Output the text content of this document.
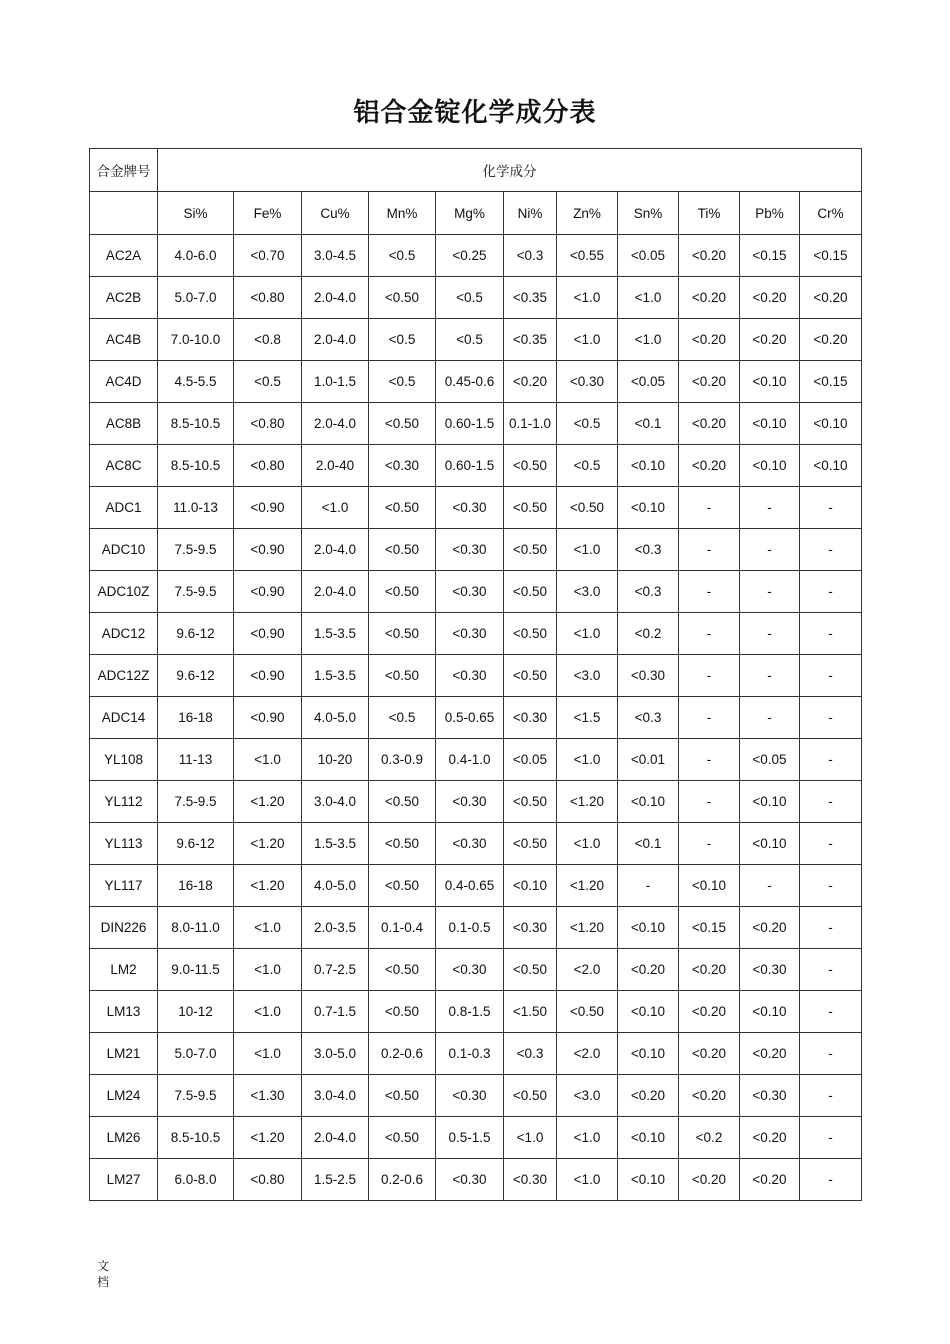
铝合金锭化学成分表
合金牌号	化学成分										
	Si%	Fe%	Cu%	Mn%	Mg%	Ni%	Zn%	Sn%	Ti%	Pb%	Cr%
AC2A	4.0-6.0	<0.70	3.0-4.5	<0.5	<0.25	<0.3	<0.55	<0.05	<0.20	<0.15	<0.15
AC2B	5.0-7.0	<0.80	2.0-4.0	<0.50	<0.5	<0.35	<1.0	<1.0	<0.20	<0.20	<0.20
AC4B	7.0-10.0	<0.8	2.0-4.0	<0.5	<0.5	<0.35	<1.0	<1.0	<0.20	<0.20	<0.20
AC4D	4.5-5.5	<0.5	1.0-1.5	<0.5	0.45-0.6	<0.20	<0.30	<0.05	<0.20	<0.10	<0.15
AC8B	8.5-10.5	<0.80	2.0-4.0	<0.50	0.60-1.5	0.1-1.0	<0.5	<0.1	<0.20	<0.10	<0.10
AC8C	8.5-10.5	<0.80	2.0-40	<0.30	0.60-1.5	<0.50	<0.5	<0.10	<0.20	<0.10	<0.10
ADC1	11.0-13	<0.90	<1.0	<0.50	<0.30	<0.50	<0.50	<0.10	-	-	-
ADC10	7.5-9.5	<0.90	2.0-4.0	<0.50	<0.30	<0.50	<1.0	<0.3	-	-	-
ADC10Z	7.5-9.5	<0.90	2.0-4.0	<0.50	<0.30	<0.50	<3.0	<0.3	-	-	-
ADC12	9.6-12	<0.90	1.5-3.5	<0.50	<0.30	<0.50	<1.0	<0.2	-	-	-
ADC12Z	9.6-12	<0.90	1.5-3.5	<0.50	<0.30	<0.50	<3.0	<0.30	-	-	-
ADC14	16-18	<0.90	4.0-5.0	<0.5	0.5-0.65	<0.30	<1.5	<0.3	-	-	-
YL108	11-13	<1.0	10-20	0.3-0.9	0.4-1.0	<0.05	<1.0	<0.01	-	<0.05	-
YL112	7.5-9.5	<1.20	3.0-4.0	<0.50	<0.30	<0.50	<1.20	<0.10	-	<0.10	-
YL113	9.6-12	<1.20	1.5-3.5	<0.50	<0.30	<0.50	<1.0	<0.1	-	<0.10	-
YL117	16-18	<1.20	4.0-5.0	<0.50	0.4-0.65	<0.10	<1.20	-	<0.10	-	-
DIN226	8.0-11.0	<1.0	2.0-3.5	0.1-0.4	0.1-0.5	<0.30	<1.20	<0.10	<0.15	<0.20	-
LM2	9.0-11.5	<1.0	0.7-2.5	<0.50	<0.30	<0.50	<2.0	<0.20	<0.20	<0.30	-
LM13	10-12	<1.0	0.7-1.5	<0.50	0.8-1.5	<1.50	<0.50	<0.10	<0.20	<0.10	-
LM21	5.0-7.0	<1.0	3.0-5.0	0.2-0.6	0.1-0.3	<0.3	<2.0	<0.10	<0.20	<0.20	-
LM24	7.5-9.5	<1.30	3.0-4.0	<0.50	<0.30	<0.50	<3.0	<0.20	<0.20	<0.30	-
LM26	8.5-10.5	<1.20	2.0-4.0	<0.50	0.5-1.5	<1.0	<1.0	<0.10	<0.2	<0.20	-
LM27	6.0-8.0	<0.80	1.5-2.5	0.2-0.6	<0.30	<0.30	<1.0	<0.10	<0.20	<0.20	-
文
档
